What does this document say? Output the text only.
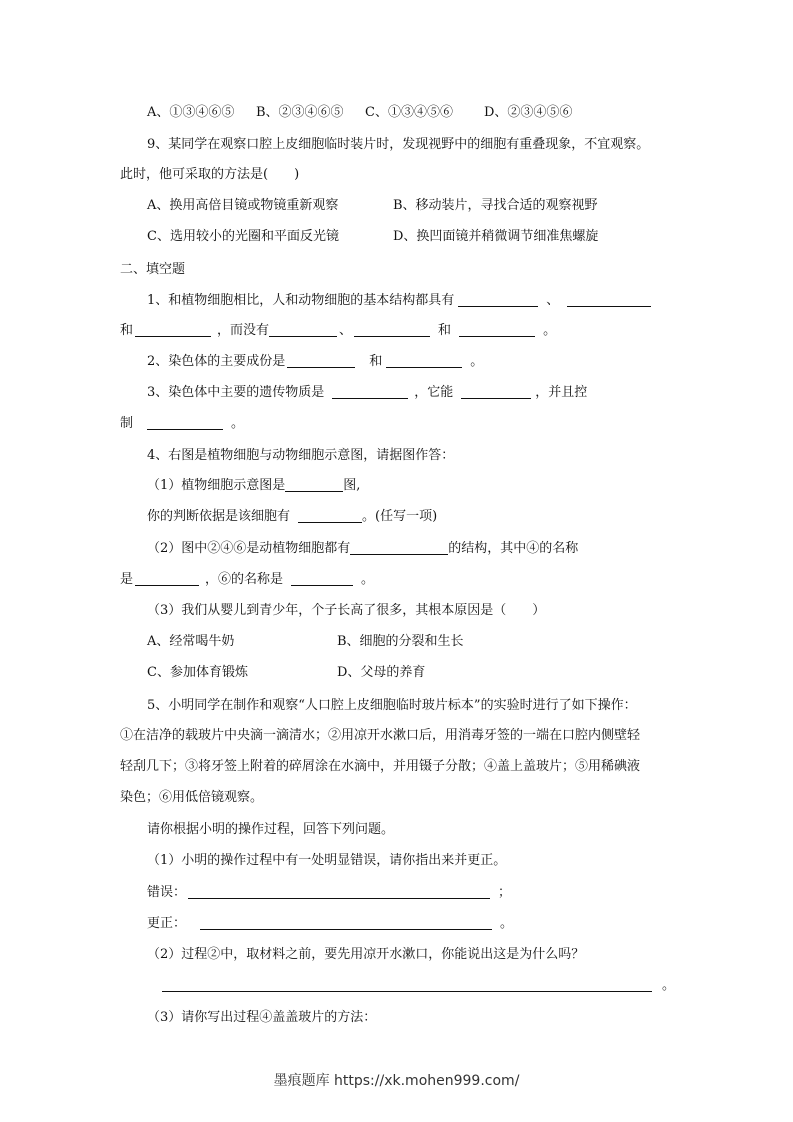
A、①③④⑥⑤ B、②③④⑥⑤ C、①③④⑤⑥ D、②③④⑤⑥
9、某同学在观察口腔上皮细胞临时装片时，发现视野中的细胞有重叠现象，不宜观察。
此时，他可采取的方法是(　　)
A、换用高倍目镜或物镜重新观察	B、移动装片，寻找合适的观察视野
C、选用较小的光圈和平面反光镜	D、换凹面镜并稍微调节细准焦螺旋
二、填空题
1、和植物细胞相比，人和动物细胞的基本结构都具有	、
和	，而没有	、	和	。
2、染色体的主要成份是	和	。
3、染色体中主要的遗传物质是	，它能	，并且控
制	。
4、右图是植物细胞与动物细胞示意图，请据图作答：
（1）植物细胞示意图是	图,
你的判断依据是该细胞有	。(任写一项)
（2）图中②④⑥是动植物细胞都有	的结构，其中④的名称
是	，⑥的名称是	。
（3）我们从婴儿到青少年，个子长高了很多，其根本原因是（　　）
A、经常喝牛奶	B、细胞的分裂和生长
C、参加体育锻炼	D、父母的养育
5、小明同学在制作和观察“人口腔上皮细胞临时玻片标本”的实验时进行了如下操作：
①在洁净的载玻片中央滴一滴清水；②用凉开水漱口后，用消毒牙签的一端在口腔内侧壁轻
轻刮几下；③将牙签上附着的碎屑涂在水滴中，并用镊子分散；④盖上盖玻片；⑤用稀碘液
染色；⑥用低倍镜观察。
请你根据小明的操作过程，回答下列问题。
（1）小明的操作过程中有一处明显错误，请你指出来并更正。
错误：	；
更正：	。
（2）过程②中，取材料之前，要先用凉开水漱口，你能说出这是为什么吗？
。
（3）请你写出过程④盖盖玻片的方法：
墨痕题库 https://xk.mohen999.com/
